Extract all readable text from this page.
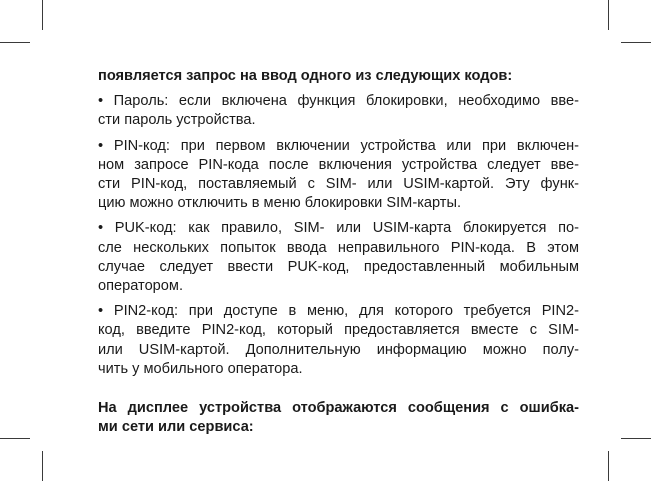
появляется запрос на ввод одного из следующих кодов:

• Пароль: если включена функция блокировки, необходимо вве-
сти пароль устройства.

• PIN-код: при первом включении устройства или при включен-
ном запросе PIN-кода после включения устройства следует вве-
сти PIN-код, поставляемый с SIM- или USIM-картой. Эту функ-
цию можно отключить в меню блокировки SIM-карты.

• PUK-код: как правило, SIM- или USIM-карта блокируется по-
сле нескольких попыток ввода неправильного PIN-кода. В этом
случае следует ввести PUK-код, предоставленный мобильным
оператором.

• PIN2-код: при доступе в меню, для которого требуется PIN2-
код, введите PIN2-код, который предоставляется вместе с SIM-
или USIM-картой. Дополнительную информацию можно полу-
чить у мобильного оператора.

На дисплее устройства отображаются сообщения с ошибка-
ми сети или сервиса:
